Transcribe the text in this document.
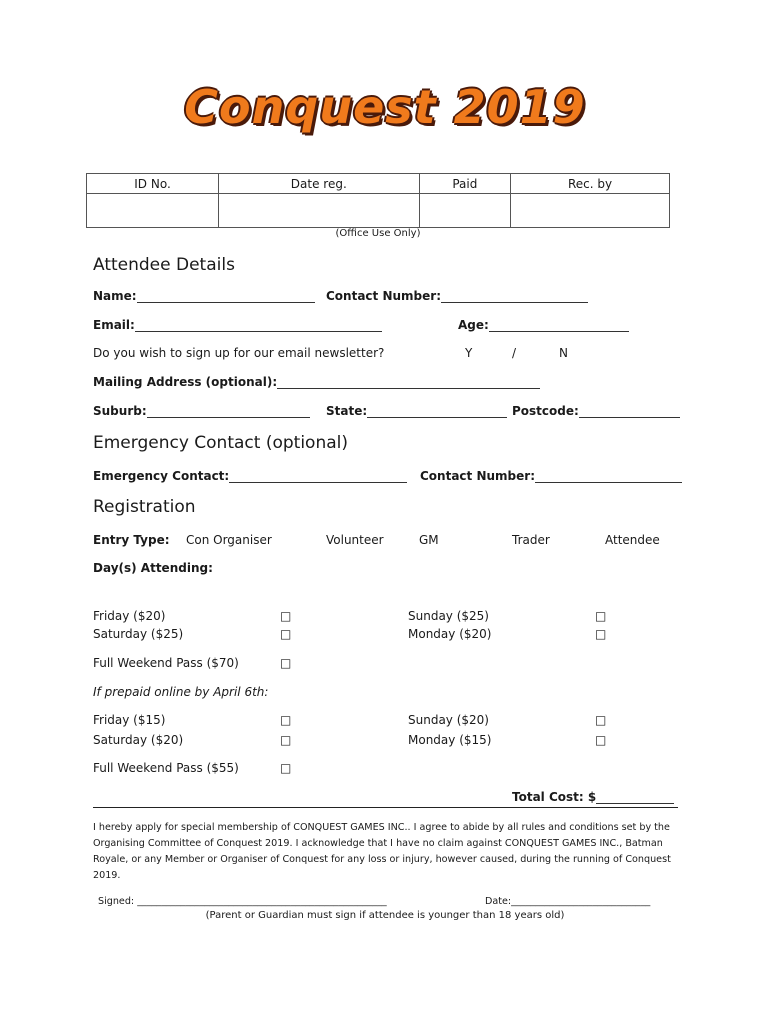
Conquest 2019
ID No.	Date reg.	Paid	Rec. by

(Office Use Only)
Attendee Details
Name:	Contact Number:
Email:	Age:
Do you wish to sign up for our email newsletter?	Y	/	N
Mailing Address (optional):
Suburb:	State:	Postcode:
Emergency Contact (optional)
Emergency Contact:	Contact Number:
Registration
Entry Type: Con Organiser	Volunteer	GM	Trader	Attendee
Day(s) Attending:
Friday ($20)	□	Sunday ($25)	□
Saturday ($25)	□	Monday ($20)	□
Full Weekend Pass ($70)	□
If prepaid online by April 6th:
Friday ($15)	□	Sunday ($20)	□
Saturday ($20)	□	Monday ($15)	□
Full Weekend Pass ($55)	□
Total Cost: $
I hereby apply for special membership of CONQUEST GAMES INC.. I agree to abide by all rules and conditions set by the Organising Committee of Conquest 2019. I acknowledge that I have no claim against CONQUEST GAMES INC., Batman Royale, or any Member or Organiser of Conquest for any loss or injury, however caused, during the running of Conquest 2019.
Signed: ____________________________________________________	Date:_____________________________
(Parent or Guardian must sign if attendee is younger than 18 years old)
